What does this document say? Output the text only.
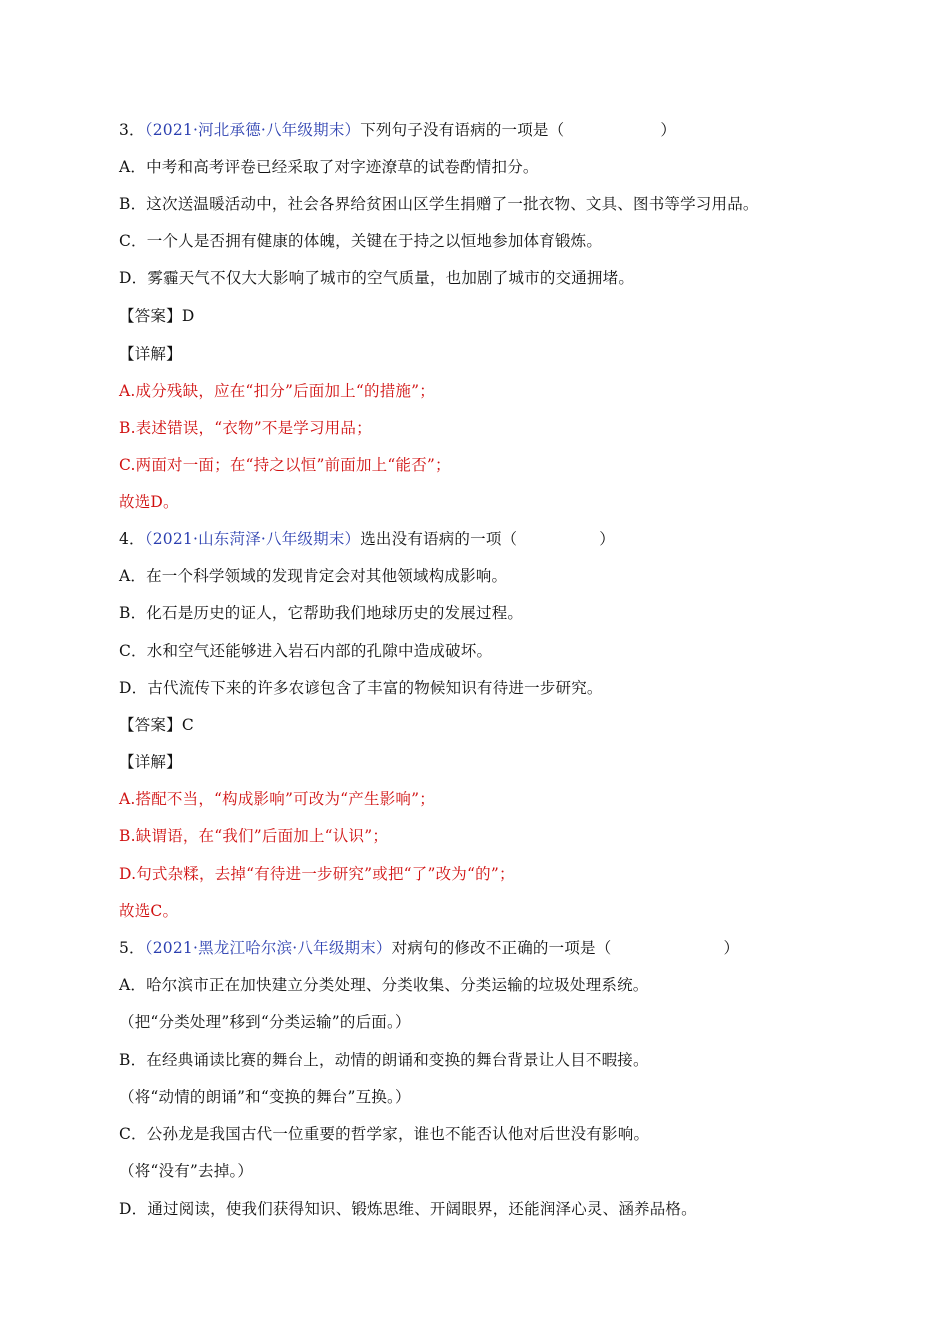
3．（2021·河北承德·八年级期末）下列句子没有语病的一项是（	）
A．中考和高考评卷已经采取了对字迹潦草的试卷酌情扣分。
B．这次送温暖活动中，社会各界给贫困山区学生捐赠了一批衣物、文具、图书等学习用品。
C．一个人是否拥有健康的体魄，关键在于持之以恒地参加体育锻炼。
D．雾霾天气不仅大大影响了城市的空气质量，也加剧了城市的交通拥堵。
【答案】D
【详解】
A.成分残缺，应在“扣分”后面加上“的措施”；
B.表述错误，“衣物”不是学习用品；
C.两面对一面；在“持之以恒”前面加上“能否”；
故选D。
4．（2021·山东菏泽·八年级期末）选出没有语病的一项（	）
A．在一个科学领域的发现肯定会对其他领域构成影响。
B．化石是历史的证人，它帮助我们地球历史的发展过程。
C．水和空气还能够进入岩石内部的孔隙中造成破坏。
D．古代流传下来的许多农谚包含了丰富的物候知识有待进一步研究。
【答案】C
【详解】
A.搭配不当，“构成影响”可改为“产生影响”；
B.缺谓语，在“我们”后面加上“认识”；
D.句式杂糅，去掉“有待进一步研究”或把“了”改为“的”；
故选C。
5．（2021·黑龙江哈尔滨·八年级期末）对病句的修改不正确的一项是（	）
A．哈尔滨市正在加快建立分类处理、分类收集、分类运输的垃圾处理系统。
（把“分类处理”移到“分类运输”的后面。）
B．在经典诵读比赛的舞台上，动情的朗诵和变换的舞台背景让人目不暇接。
（将“动情的朗诵”和“变换的舞台”互换。）
C．公孙龙是我国古代一位重要的哲学家，谁也不能否认他对后世没有影响。
（将“没有”去掉。）
D．通过阅读，使我们获得知识、锻炼思维、开阔眼界，还能润泽心灵、涵养品格。
